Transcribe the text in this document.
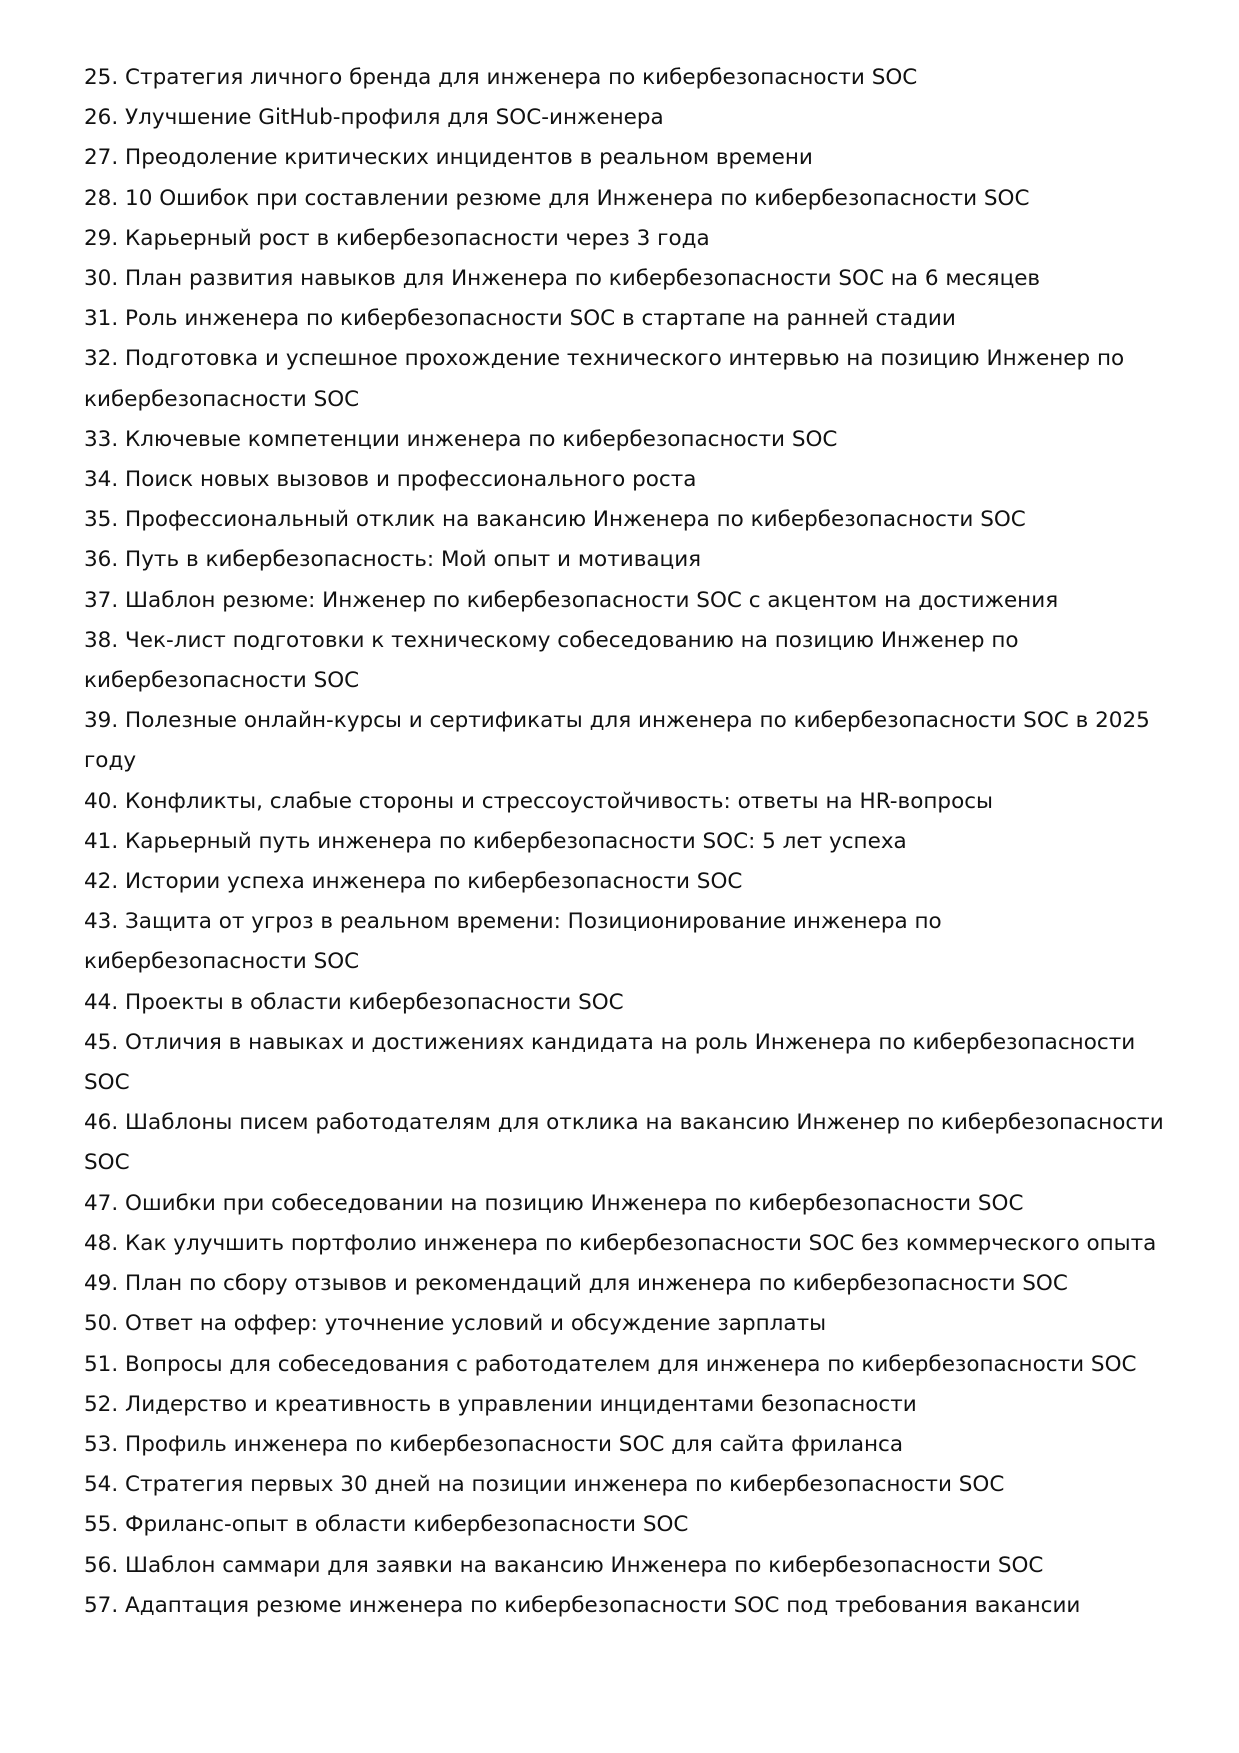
25. Стратегия личного бренда для инженера по кибербезопасности SOC
26. Улучшение GitHub-профиля для SOC-инженера
27. Преодоление критических инцидентов в реальном времени
28. 10 Ошибок при составлении резюме для Инженера по кибербезопасности SOC
29. Карьерный рост в кибербезопасности через 3 года
30. План развития навыков для Инженера по кибербезопасности SOC на 6 месяцев
31. Роль инженера по кибербезопасности SOC в стартапе на ранней стадии
32. Подготовка и успешное прохождение технического интервью на позицию Инженер по кибербезопасности SOC
33. Ключевые компетенции инженера по кибербезопасности SOC
34. Поиск новых вызовов и профессионального роста
35. Профессиональный отклик на вакансию Инженера по кибербезопасности SOC
36. Путь в кибербезопасность: Мой опыт и мотивация
37. Шаблон резюме: Инженер по кибербезопасности SOC с акцентом на достижения
38. Чек-лист подготовки к техническому собеседованию на позицию Инженер по кибербезопасности SOC
39. Полезные онлайн-курсы и сертификаты для инженера по кибербезопасности SOC в 2025 году
40. Конфликты, слабые стороны и стрессоустойчивость: ответы на HR-вопросы
41. Карьерный путь инженера по кибербезопасности SOC: 5 лет успеха
42. Истории успеха инженера по кибербезопасности SOC
43. Защита от угроз в реальном времени: Позиционирование инженера по кибербезопасности SOC
44. Проекты в области кибербезопасности SOC
45. Отличия в навыках и достижениях кандидата на роль Инженера по кибербезопасности SOC
46. Шаблоны писем работодателям для отклика на вакансию Инженер по кибербезопасности SOC
47. Ошибки при собеседовании на позицию Инженера по кибербезопасности SOC
48. Как улучшить портфолио инженера по кибербезопасности SOC без коммерческого опыта
49. План по сбору отзывов и рекомендаций для инженера по кибербезопасности SOC
50. Ответ на оффер: уточнение условий и обсуждение зарплаты
51. Вопросы для собеседования с работодателем для инженера по кибербезопасности SOC
52. Лидерство и креативность в управлении инцидентами безопасности
53. Профиль инженера по кибербезопасности SOC для сайта фриланса
54. Стратегия первых 30 дней на позиции инженера по кибербезопасности SOC
55. Фриланс-опыт в области кибербезопасности SOC
56. Шаблон саммари для заявки на вакансию Инженера по кибербезопасности SOC
57. Адаптация резюме инженера по кибербезопасности SOC под требования вакансии
